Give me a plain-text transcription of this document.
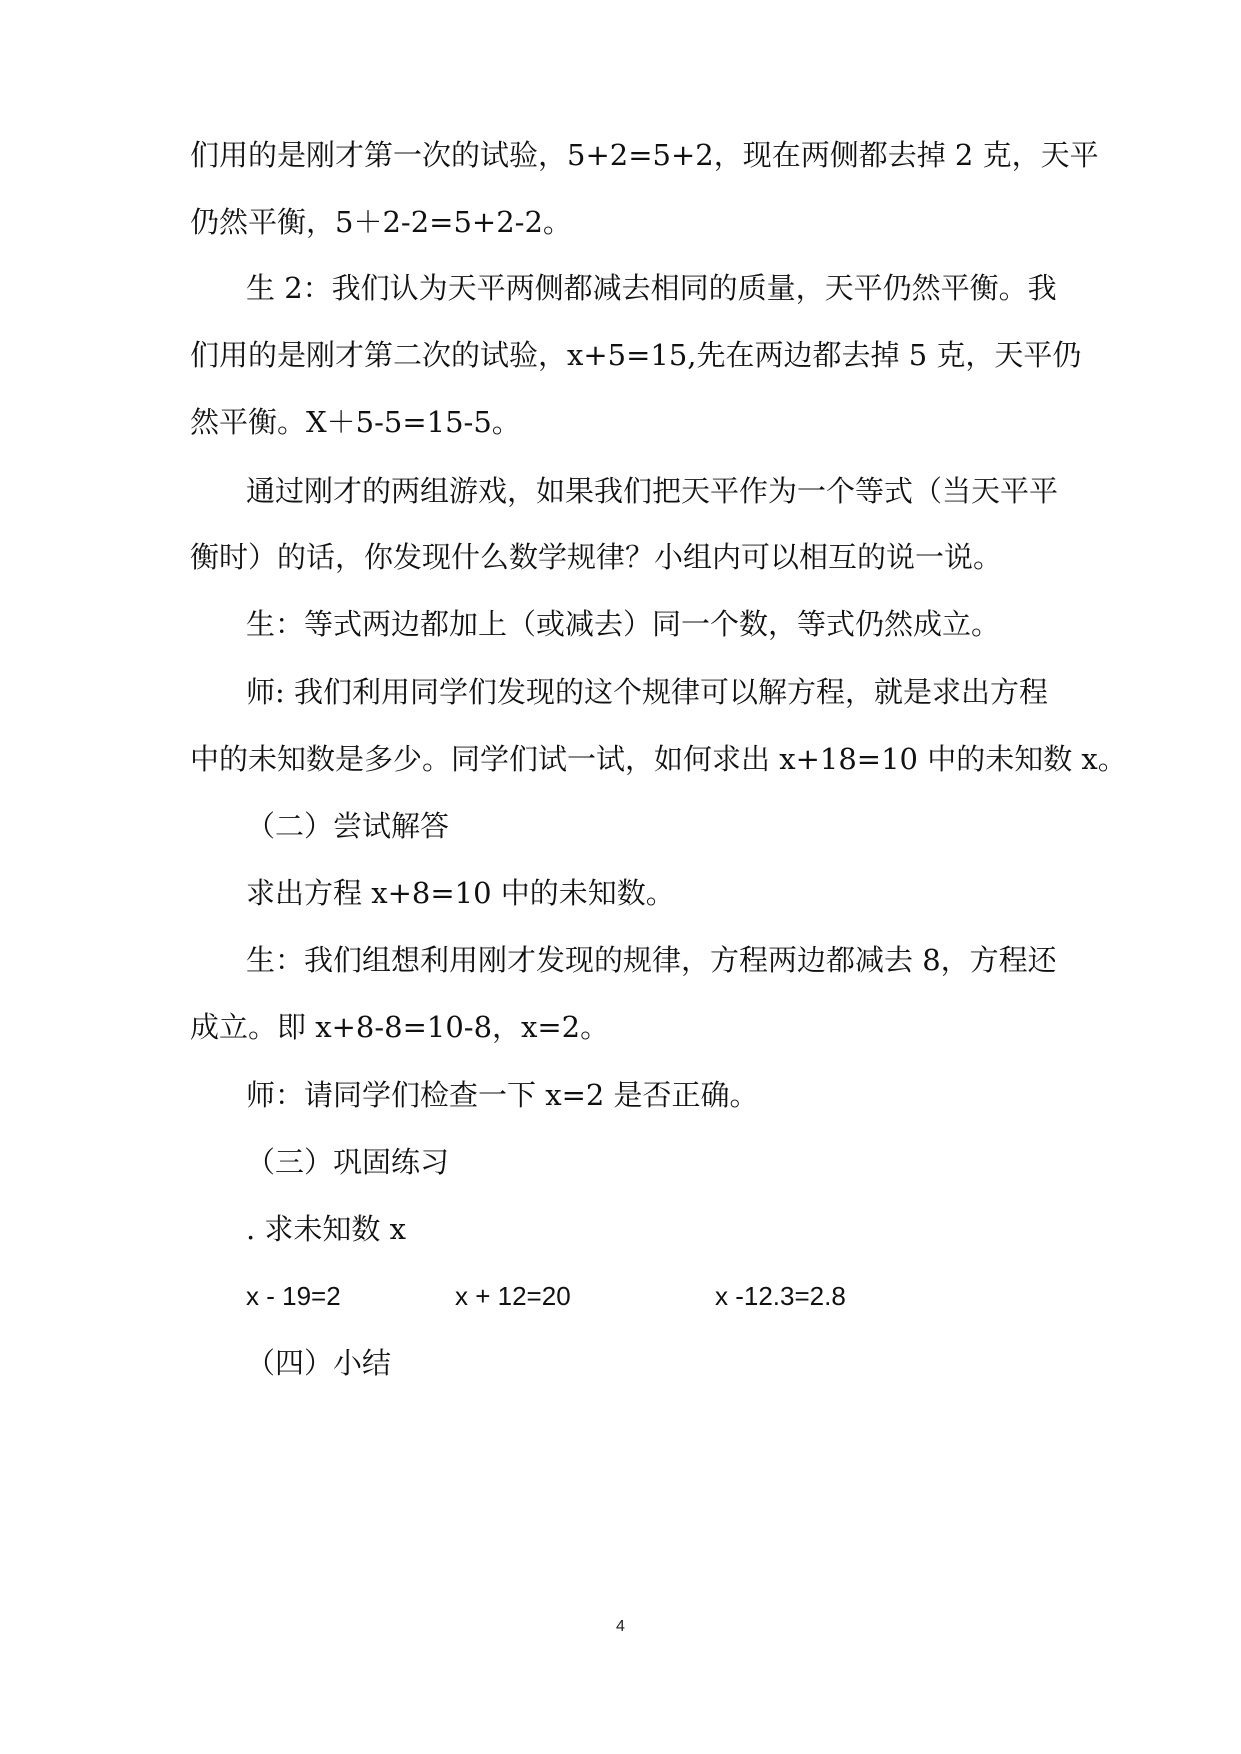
们用的是刚才第一次的试验，5+2=5+2，现在两侧都去掉 2 克，天平
仍然平衡，5＋2-2=5+2-2。
生 2：我们认为天平两侧都减去相同的质量，天平仍然平衡。我
们用的是刚才第二次的试验，x+5=15,先在两边都去掉 5 克，天平仍
然平衡。X＋5-5=15-5。
通过刚才的两组游戏，如果我们把天平作为一个等式（当天平平
衡时）的话，你发现什么数学规律？小组内可以相互的说一说。
生：等式两边都加上（或减去）同一个数，等式仍然成立。
师: 我们利用同学们发现的这个规律可以解方程，就是求出方程
中的未知数是多少。同学们试一试，如何求出 x+18=10 中的未知数 x。
（二）尝试解答
求出方程 x+8=10 中的未知数。
生：我们组想利用刚才发现的规律，方程两边都减去 8，方程还
成立。即 x+8-8=10-8，x=2。
师：请同学们检查一下 x=2 是否正确。
（三）巩固练习
. 求未知数 x
x - 19=2	x + 12=20	x -12.3=2.8
（四）小结
4
